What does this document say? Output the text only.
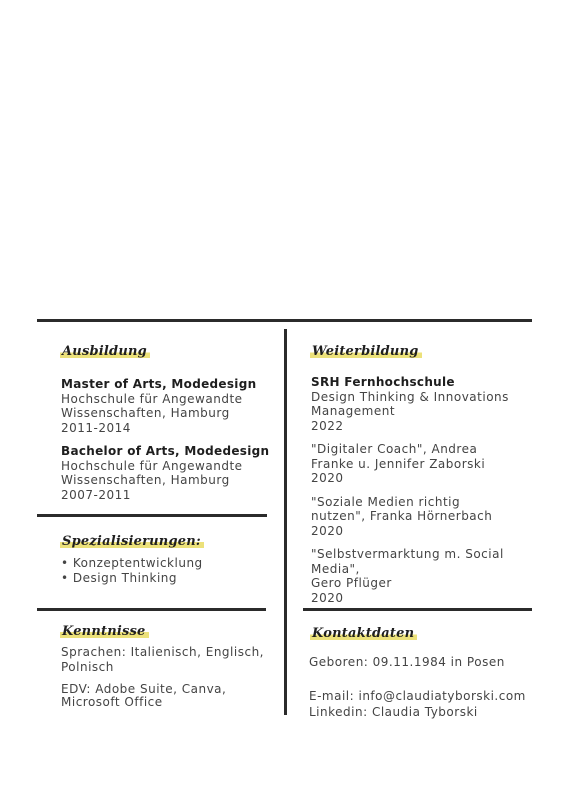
Ausbildung
Master of Arts, Modedesign
Hochschule für Angewandte
Wissenschaften, Hamburg
2011-2014
Bachelor of Arts, Modedesign
Hochschule für Angewandte
Wissenschaften, Hamburg
2007-2011
Spezialisierungen:
• Konzeptentwicklung
• Design Thinking
Kenntnisse
Sprachen: Italienisch, Englisch,
Polnisch
EDV: Adobe Suite, Canva,
Microsoft Office
Weiterbildung
SRH Fernhochschule
Design Thinking & Innovations
Management
2022
"Digitaler Coach", Andrea
Franke u. Jennifer Zaborski
2020
"Soziale Medien richtig
nutzen", Franka Hörnerbach
2020
"Selbstvermarktung m. Social Media",
Gero Pflüger
2020
Kontaktdaten
Geboren: 09.11.1984 in Posen
E-mail: info@claudiatyborski.com
Linkedin: Claudia Tyborski
